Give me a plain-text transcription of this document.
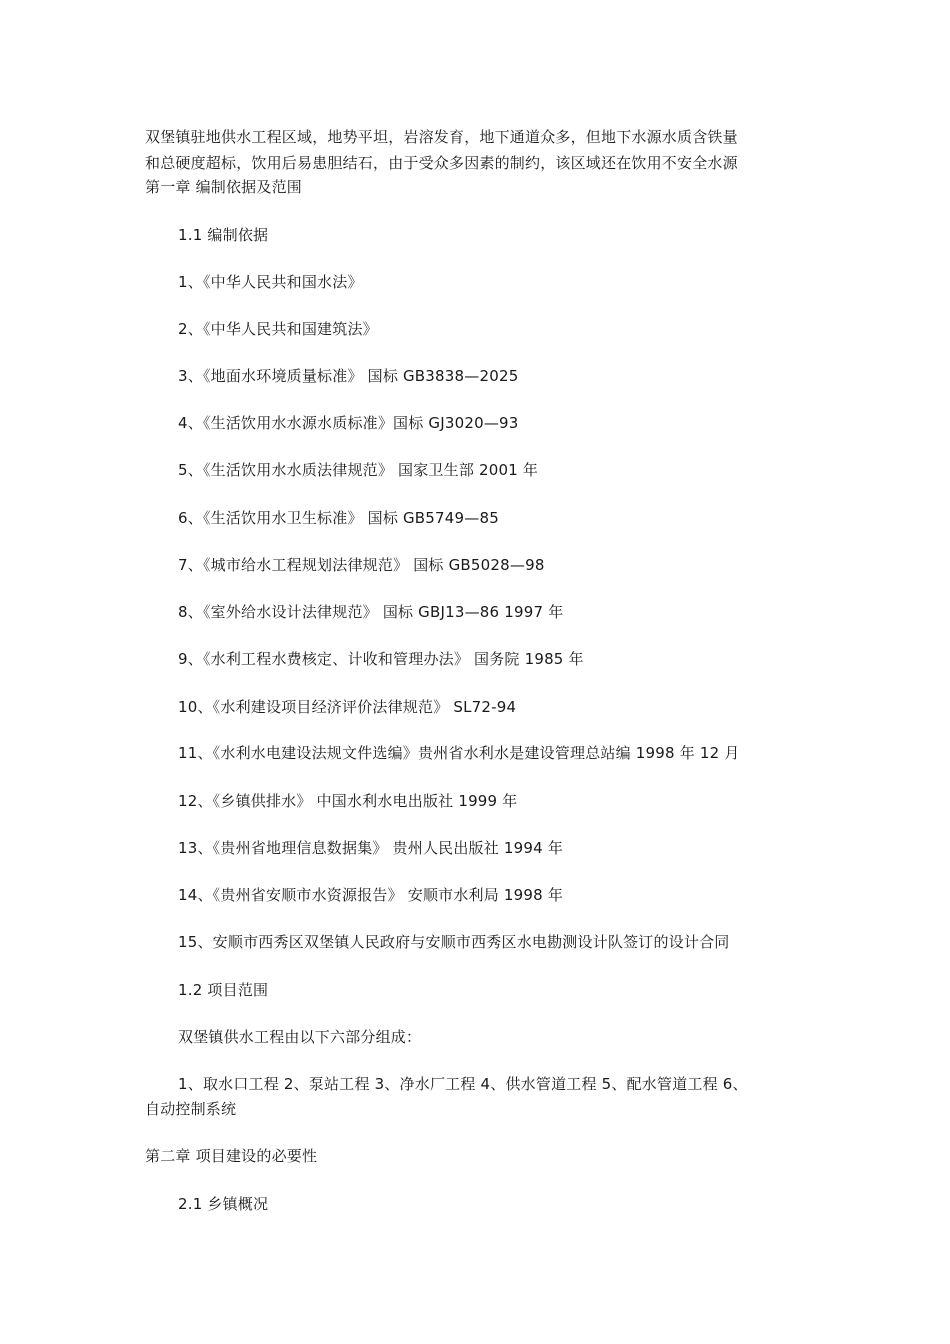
双堡镇驻地供水工程区域，地势平坦，岩溶发育，地下通道众多，但地下水源水质含铁量
和总硬度超标，饮用后易患胆结石，由于受众多因素的制约，该区域还在饮用不安全水源
第一章 编制依据及范围
1.1 编制依据
1、《中华人民共和国水法》
2、《中华人民共和国建筑法》
3、《地面水环境质量标准》 国标 GB3838—2025
4、《生活饮用水水源水质标准》国标 GJ3020—93
5、《生活饮用水水质法律规范》 国家卫生部 2001 年
6、《生活饮用水卫生标准》 国标 GB5749—85
7、《城市给水工程规划法律规范》 国标 GB5028—98
8、《室外给水设计法律规范》 国标 GBJ13—86 1997 年
9、《水利工程水费核定、计收和管理办法》 国务院 1985 年
10、《水利建设项目经济评价法律规范》 SL72-94
11、《水利水电建设法规文件选编》贵州省水利水是建设管理总站编 1998 年 12 月
12、《乡镇供排水》 中国水利水电出版社 1999 年
13、《贵州省地理信息数据集》 贵州人民出版社 1994 年
14、《贵州省安顺市水资源报告》 安顺市水利局 1998 年
15、安顺市西秀区双堡镇人民政府与安顺市西秀区水电勘测设计队签订的设计合同
1.2 项目范围
双堡镇供水工程由以下六部分组成：
1、取水口工程 2、泵站工程 3、净水厂工程 4、供水管道工程 5、配水管道工程 6、
自动控制系统
第二章 项目建设的必要性
2.1 乡镇概况
